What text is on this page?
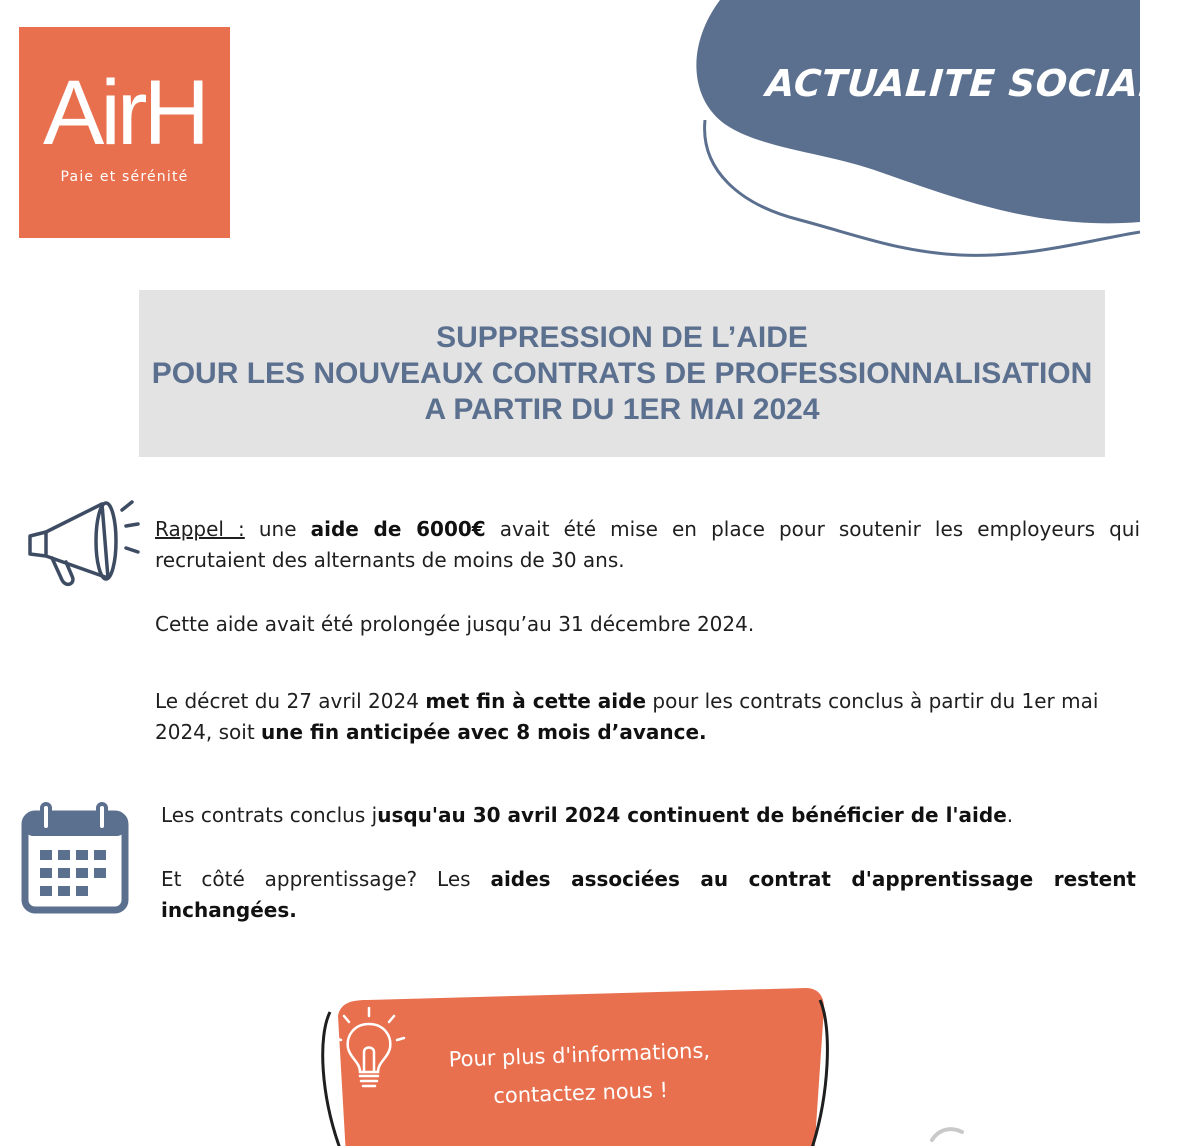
ACTUALITE SOCIALE
AirH
Paie et sérénité
SUPPRESSION DE L’AIDE
POUR LES NOUVEAUX CONTRATS DE PROFESSIONNALISATION
A PARTIR DU 1ER MAI 2024
Rappel : une aide de 6000€ avait été mise en place pour soutenir les employeurs qui recrutaient des alternants de moins de 30 ans.
Cette aide avait été prolongée jusqu’au 31 décembre 2024.
Le décret du 27 avril 2024 met fin à cette aide pour les contrats conclus à partir du 1er mai 2024, soit une fin anticipée avec 8 mois d’avance.
Les contrats conclus jusqu'au 30 avril 2024 continuent de bénéficier de l'aide.
Et côté apprentissage? Les aides associées au contrat d'apprentissage restent inchangées.
Pour plus d'informations,
contactez nous !
